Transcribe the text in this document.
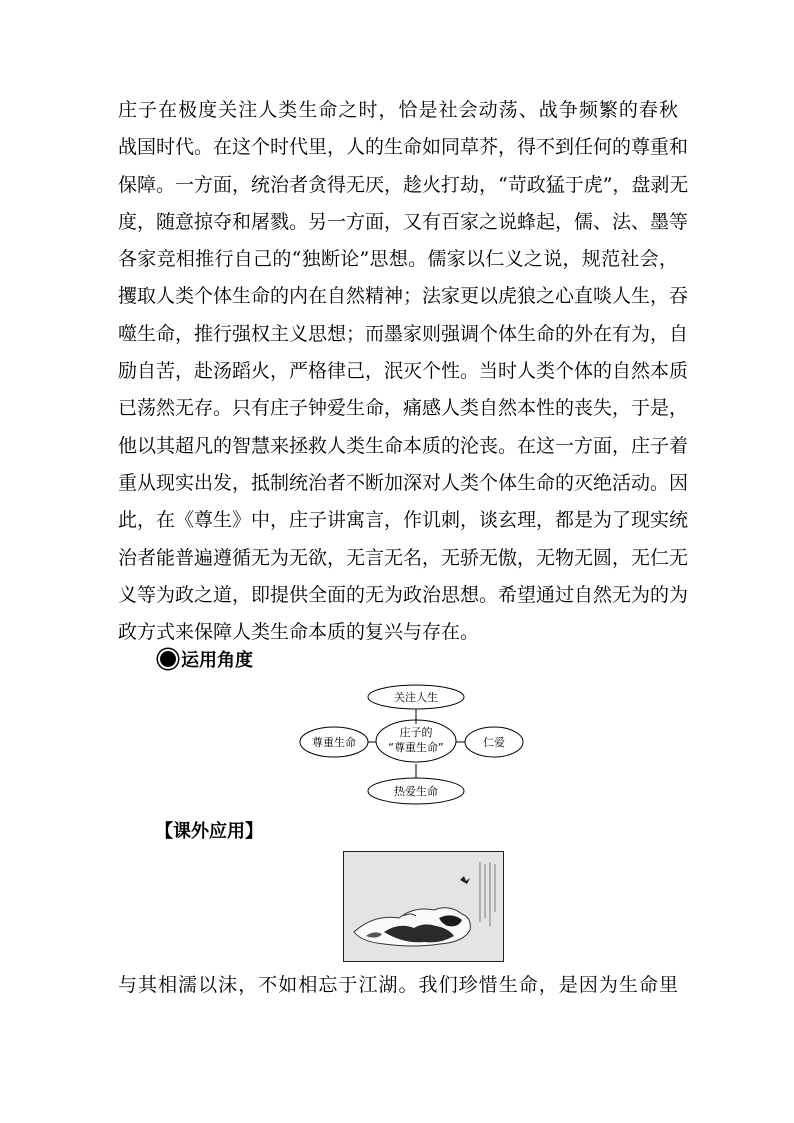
庄子在极度关注人类生命之时，恰是社会动荡、战争频繁的春秋
战国时代。在这个时代里，人的生命如同草芥，得不到任何的尊重和
保障。一方面，统治者贪得无厌，趁火打劫，“苛政猛于虎”，盘剥无
度，随意掠夺和屠戮。另一方面，又有百家之说蜂起，儒、法、墨等
各家竞相推行自己的“独断论”思想。儒家以仁义之说，规范社会，
攫取人类个体生命的内在自然精神；法家更以虎狼之心直啖人生，吞
噬生命，推行强权主义思想；而墨家则强调个体生命的外在有为，自
励自苦，赴汤蹈火，严格律己，泯灭个性。当时人类个体的自然本质
已荡然无存。只有庄子钟爱生命，痛感人类自然本性的丧失，于是，
他以其超凡的智慧来拯救人类生命本质的沦丧。在这一方面，庄子着
重从现实出发，抵制统治者不断加深对人类个体生命的灭绝活动。因
此，在《尊生》中，庄子讲寓言，作讥刺，谈玄理，都是为了现实统
治者能普遍遵循无为无欲，无言无名，无骄无傲，无物无圆，无仁无
义等为政之道，即提供全面的无为政治思想。希望通过自然无为的为
政方式来保障人类生命本质的复兴与存在。
运用角度
庄子的
“尊重生命”
关注人生
尊重生命	仁爱
热爱生命
【课外应用】
与其相濡以沫，不如相忘于江湖。我们珍惜生命，是因为生命里
